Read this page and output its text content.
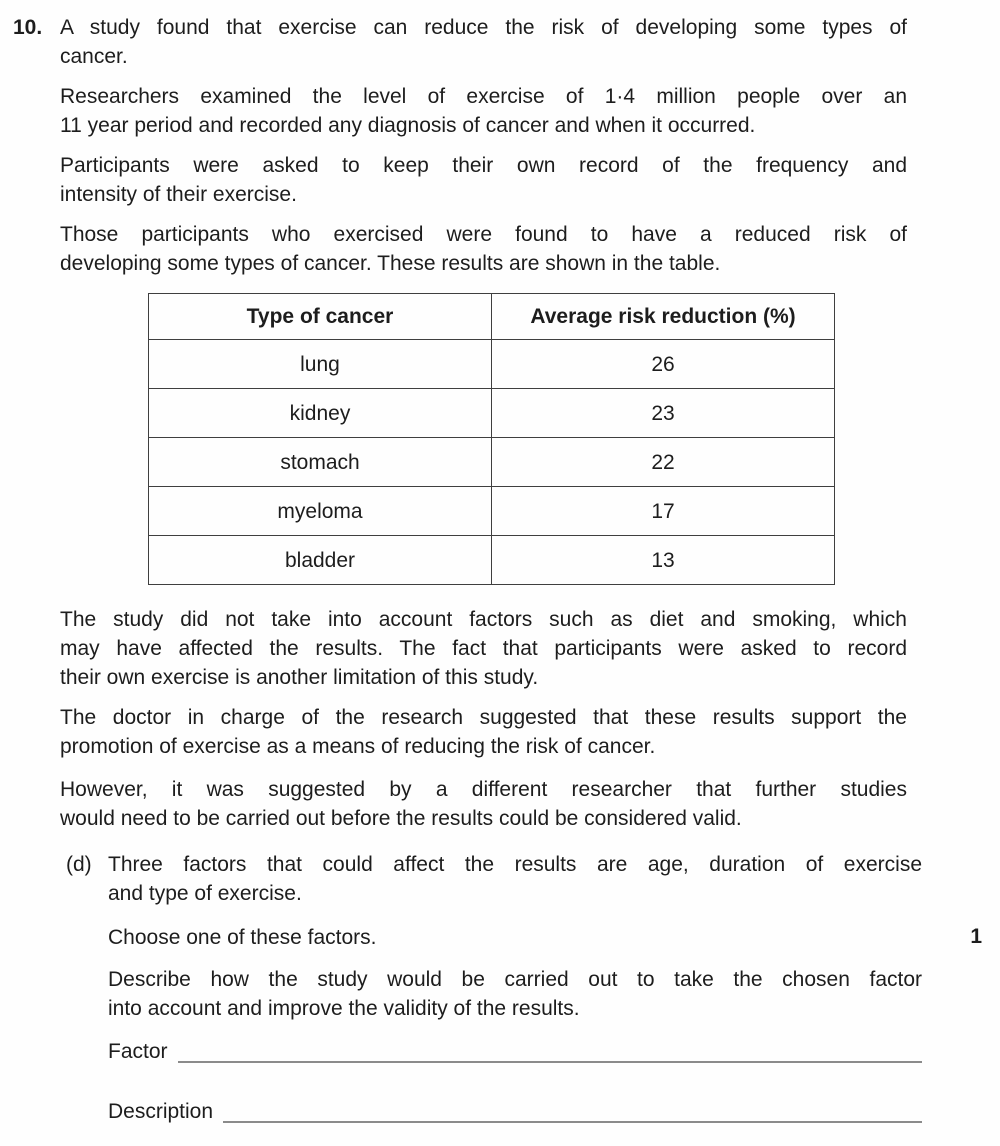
10. A study found that exercise can reduce the risk of developing some types of
cancer.
Researchers examined the level of exercise of 1·4 million people over an
11 year period and recorded any diagnosis of cancer and when it occurred.
Participants were asked to keep their own record of the frequency and
intensity of their exercise.
Those participants who exercised were found to have a reduced risk of
developing some types of cancer. These results are shown in the table.
Type of cancer	Average risk reduction (%)
lung	26
kidney	23
stomach	22
myeloma	17
bladder	13
The study did not take into account factors such as diet and smoking, which
may have affected the results. The fact that participants were asked to record
their own exercise is another limitation of this study.
The doctor in charge of the research suggested that these results support the
promotion of exercise as a means of reducing the risk of cancer.
However, it was suggested by a different researcher that further studies
would need to be carried out before the results could be considered valid.
(d) Three factors that could affect the results are age, duration of exercise
and type of exercise.
Choose one of these factors.
Describe how the study would be carried out to take the chosen factor
into account and improve the validity of the results.
Factor
Description
1
